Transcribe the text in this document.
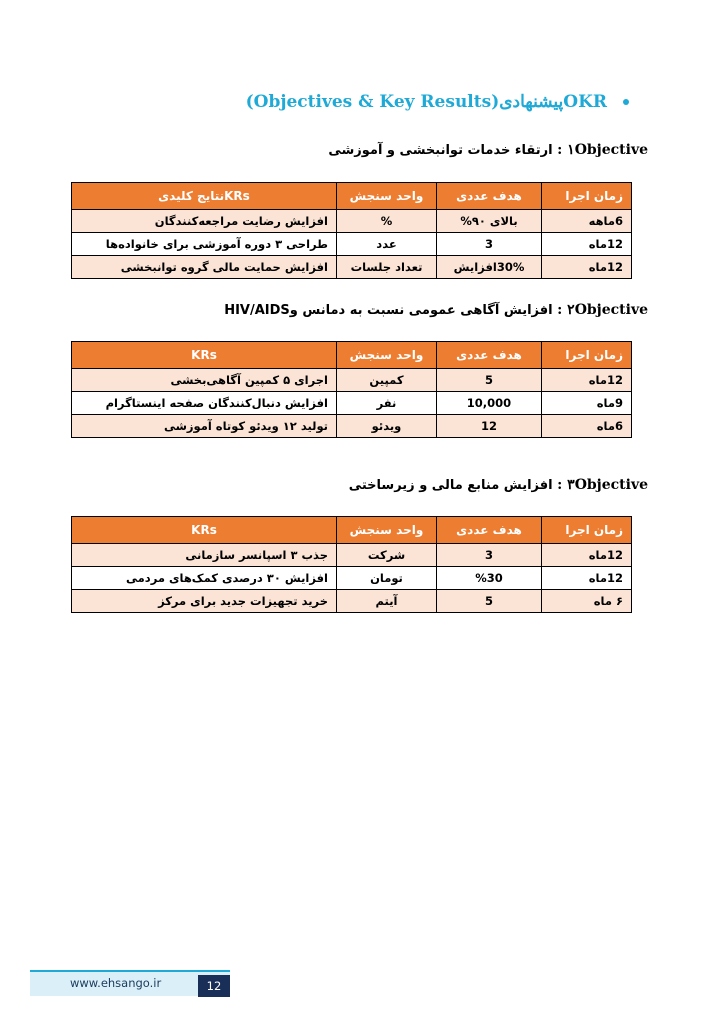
OKRپیشنهادی(Objectives & Key Results)
۱Objective : ارتقاء خدمات توانبخشی و آموزشی
زمان اجرا	هدف عددی	واحد سنجش	KRsنتایج کلیدی
6ماهه	بالای ۹۰%	%	افزایش رضایت مراجعه‌کنندگان
12ماه	3	عدد	طراحی ۳ دوره آموزشی برای خانواده‌ها
12ماه	30%افزایش	تعداد جلسات	افزایش حمایت مالی گروه توانبخشی
۲Objective : افزایش آگاهی عمومی نسبت به دمانس وHIV/AIDS
زمان اجرا	هدف عددی	واحد سنجش	KRs
12ماه	5	کمپین	اجرای ۵ کمپین آگاهی‌بخشی
9ماه	10,000	نفر	افزایش دنبال‌کنندگان صفحه اینستاگرام
6ماه	12	ویدئو	تولید ۱۲ ویدئو کوتاه آموزشی
۳Objective : افزایش منابع مالی و زیرساختی
زمان اجرا	هدف عددی	واحد سنجش	KRs
12ماه	3	شرکت	جذب ۳ اسپانسر سازمانی
12ماه	%30	تومان	افزایش ۳۰ درصدی کمک‌های مردمی
۶ ماه	5	آیتم	خرید تجهیزات جدید برای مرکز
www.ehsango.ir	12
